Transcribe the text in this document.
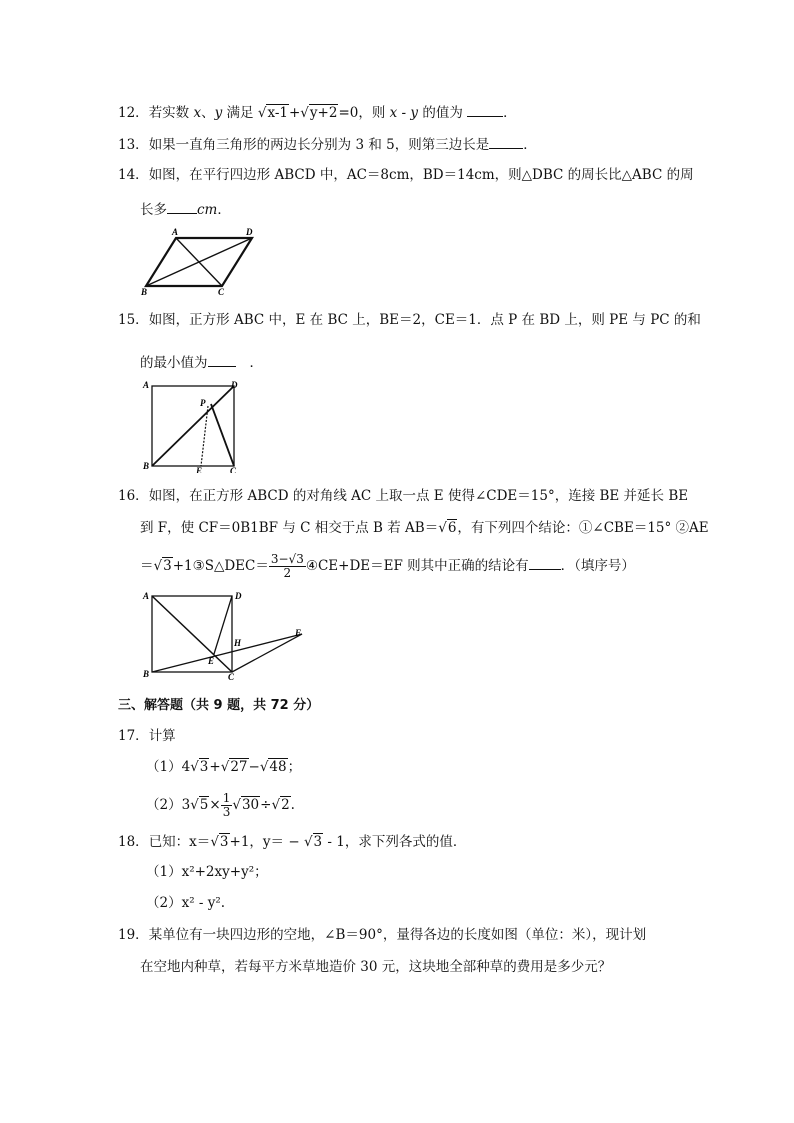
12．若实数 x、y 满足 √x-1+√y+2=0，则 x - y 的值为	．
13．如果一直角三角形的两边长分别为 3 和 5，则第三边长是	．
14．如图，在平行四边形 ABCD 中，AC＝8cm，BD＝14cm，则△DBC 的周长比△ABC 的周
长多 cm．
A	D
B	C
15．如图，正方形 ABC 中，E 在 BC 上，BE＝2，CE＝1．点 P 在 BD 上，则 PE 与 PC 的和
的最小值为	．
A	D
P
B	E	C
16．如图，在正方形 ABCD 的对角线 AC 上取一点 E 使得∠CDE＝15°，连接 BE 并延长 BE
到 F，使 CF＝0B1BF 与 C 相交于点 B 若 AB＝√6，有下列四个结论：①∠CBE＝15° ②AE
＝√3+1③S△DEC＝ $\frac{3-√3}{2}$ ④CE+DE＝EF 则其中正确的结论有 ．（填序号）
A	D
H
F
E
B	C
三、解答题（共 9 题，共 72 分）
17．计算
（1）4√3+√27−√48；
$(2)3√5\times \frac{1}{3} √30\div√2$.
18．已知：x＝√3+1，y＝ − √3 - 1，求下列各式的值．
（1）x²+2xy+y²；
（2）x² - y².
19．某单位有一块四边形的空地，∠B＝90°，量得各边的长度如图（单位：米），现计划
在空地内种草，若每平方米草地造价 30 元，这块地全部种草的费用是多少元？
